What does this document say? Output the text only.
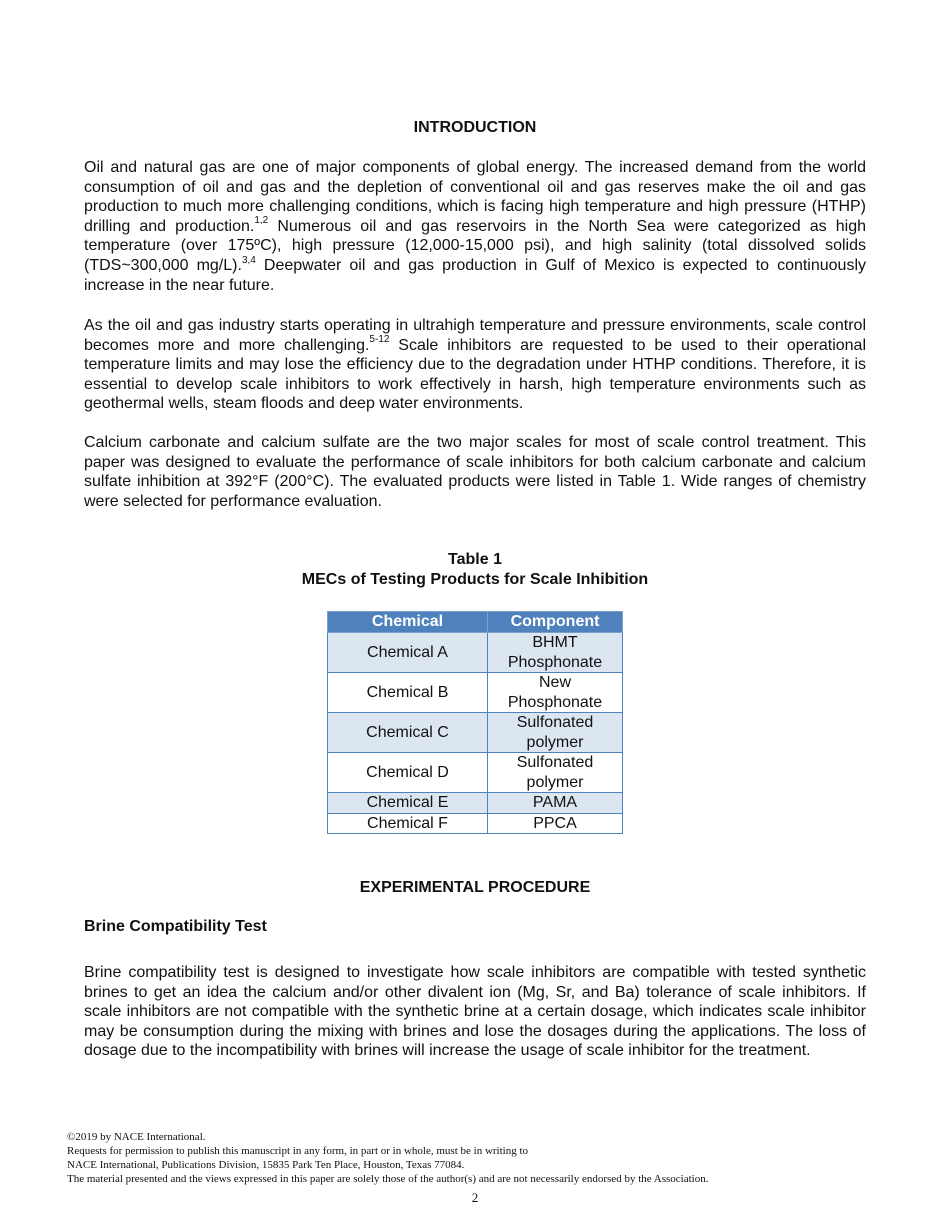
INTRODUCTION

Oil and natural gas are one of major components of global energy. The increased demand from the world consumption of oil and gas and the depletion of conventional oil and gas reserves make the oil and gas production to much more challenging conditions, which is facing high temperature and high pressure (HTHP) drilling and production.$^{1,2}$ Numerous oil and gas reservoirs in the North Sea were categorized as high temperature (over 175ºC), high pressure (12,000-15,000 psi), and high salinity (total dissolved solids (TDS~300,000 mg/L).$^{3,4}$ Deepwater oil and gas production in Gulf of Mexico is expected to continuously increase in the near future.

As the oil and gas industry starts operating in ultrahigh temperature and pressure environments, scale control becomes more and more challenging.$^{5-12}$ Scale inhibitors are requested to be used to their operational temperature limits and may lose the efficiency due to the degradation under HTHP conditions. Therefore, it is essential to develop scale inhibitors to work effectively in harsh, high temperature environments such as geothermal wells, steam floods and deep water environments.

Calcium carbonate and calcium sulfate are the two major scales for most of scale control treatment. This paper was designed to evaluate the performance of scale inhibitors for both calcium carbonate and calcium sulfate inhibition at 392°F (200°C). The evaluated products were listed in Table 1. Wide ranges of chemistry were selected for performance evaluation.

Table 1
MECs of Testing Products for Scale Inhibition
Chemical	Component
Chemical A	BHMT
Phosphonate

Chemical B	New
Phosphonate

Chemical C	Sulfonated
polymer

Chemical D	Sulfonated
polymer

Chemical E	PAMA
Chemical F	PPCA
EXPERIMENTAL PROCEDURE
Brine Compatibility Test

Brine compatibility test is designed to investigate how scale inhibitors are compatible with tested synthetic brines to get an idea the calcium and/or other divalent ion (Mg, Sr, and Ba) tolerance of scale inhibitors. If scale inhibitors are not compatible with the synthetic brine at a certain dosage, which indicates scale inhibitor may be consumption during the mixing with brines and lose the dosages during the applications. The loss of dosage due to the incompatibility with brines will increase the usage of scale inhibitor for the treatment.

©2019 by NACE International.
Requests for permission to publish this manuscript in any form, in part or in whole, must be in writing to
NACE International, Publications Division, 15835 Park Ten Place, Houston, Texas 77084.
The material presented and the views expressed in this paper are solely those of the author(s) and are not necessarily endorsed by the Association.
2
